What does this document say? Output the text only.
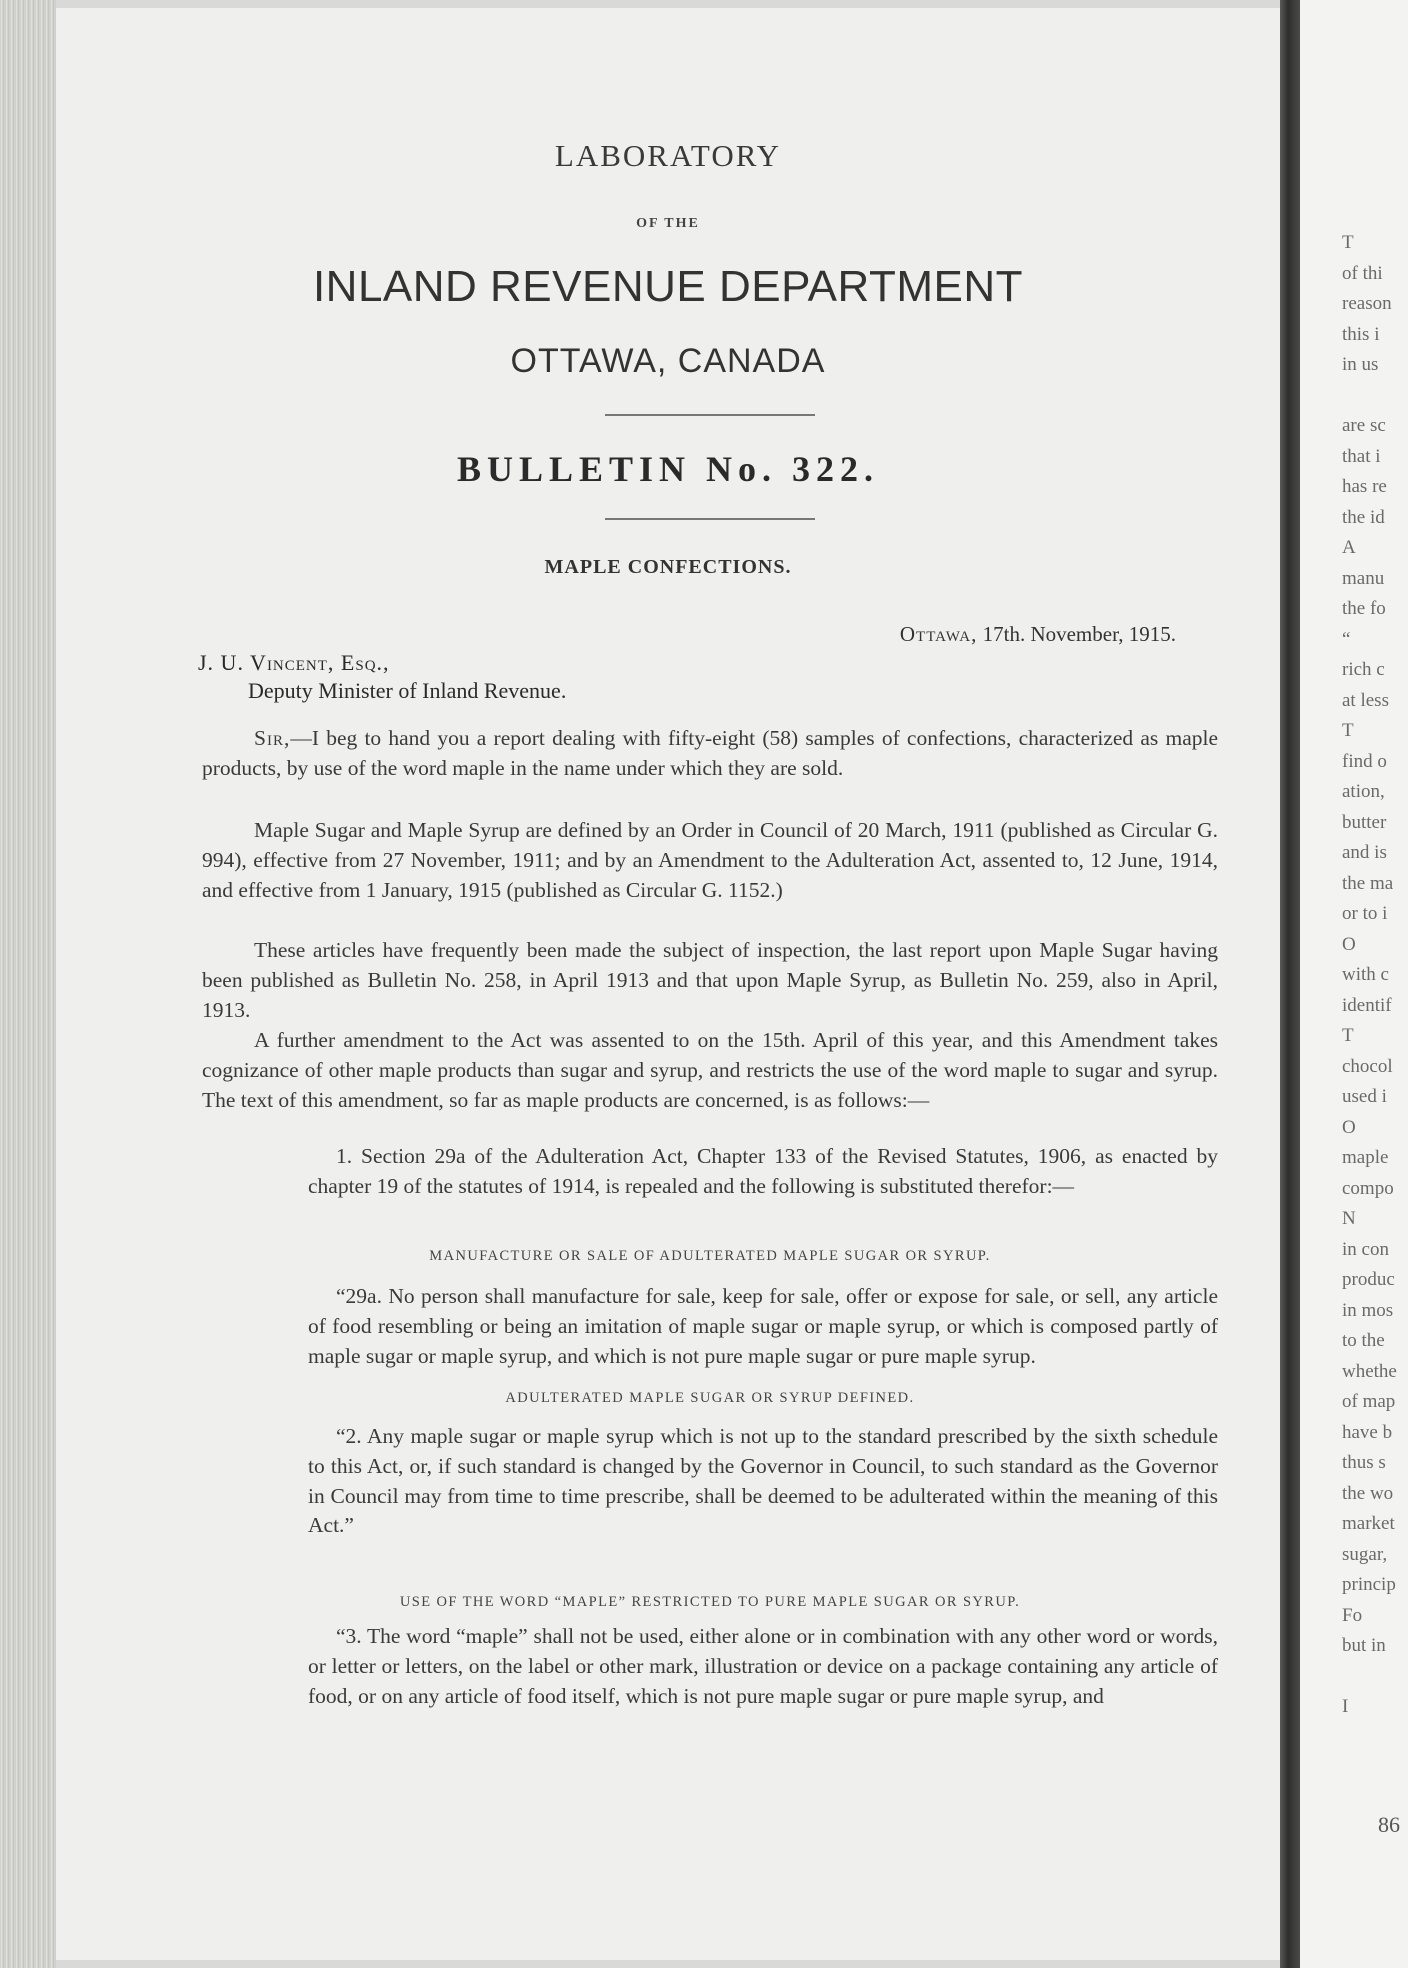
T
of thi
reason
this i
in us
are sc
that i
has re
the id
A
manu
the fo
“
rich c
at less
T
find o
ation,
butter
and is
the ma
or to i
O
with c
identif
T
chocol
used i
O
maple
compo
N
in con
produc
in mos
to the
whethe
of map
have b
thus s
the wo
market
sugar,
princip
Fo
but in
I
86
LABORATORY
OF THE
INLAND REVENUE DEPARTMENT
OTTAWA, CANADA
BULLETIN No. 322.
MAPLE CONFECTIONS.
Ottawa, 17th. November, 1915.
J. U. Vincent, Esq.,
Deputy Minister of Inland Revenue.

Sir,—I beg to hand you a report dealing with fifty-eight (58) samples of confections, characterized as maple products, by use of the word maple in the name under which they are sold.

Maple Sugar and Maple Syrup are defined by an Order in Council of 20 March, 1911 (published as Circular G. 994), effective from 27 November, 1911; and by an Amendment to the Adulteration Act, assented to, 12 June, 1914, and effective from 1 January, 1915 (published as Circular G. 1152.)

These articles have frequently been made the subject of inspection, the last report upon Maple Sugar having been published as Bulletin No. 258, in April 1913 and that upon Maple Syrup, as Bulletin No. 259, also in April, 1913.

A further amendment to the Act was assented to on the 15th. April of this year, and this Amendment takes cognizance of other maple products than sugar and syrup, and restricts the use of the word maple to sugar and syrup. The text of this amendment, so far as maple products are concerned, is as follows:—

1. Section 29a of the Adulteration Act, Chapter 133 of the Revised Statutes, 1906, as enacted by chapter 19 of the statutes of 1914, is repealed and the following is substituted therefor:—

MANUFACTURE OR SALE OF ADULTERATED MAPLE SUGAR OR SYRUP.

“29a. No person shall manufacture for sale, keep for sale, offer or expose for sale, or sell, any article of food resembling or being an imitation of maple sugar or maple syrup, or which is composed partly of maple sugar or maple syrup, and which is not pure maple sugar or pure maple syrup.

ADULTERATED MAPLE SUGAR OR SYRUP DEFINED.

“2. Any maple sugar or maple syrup which is not up to the standard prescribed by the sixth schedule to this Act, or, if such standard is changed by the Governor in Council, to such standard as the Governor in Council may from time to time prescribe, shall be deemed to be adulterated within the meaning of this Act.”

USE OF THE WORD “MAPLE” RESTRICTED TO PURE MAPLE SUGAR OR SYRUP.

“3. The word “maple” shall not be used, either alone or in combination with any other word or words, or letter or letters, on the label or other mark, illustration or device on a package containing any article of food, or on any article of food itself, which is not pure maple sugar or pure maple syrup, and
